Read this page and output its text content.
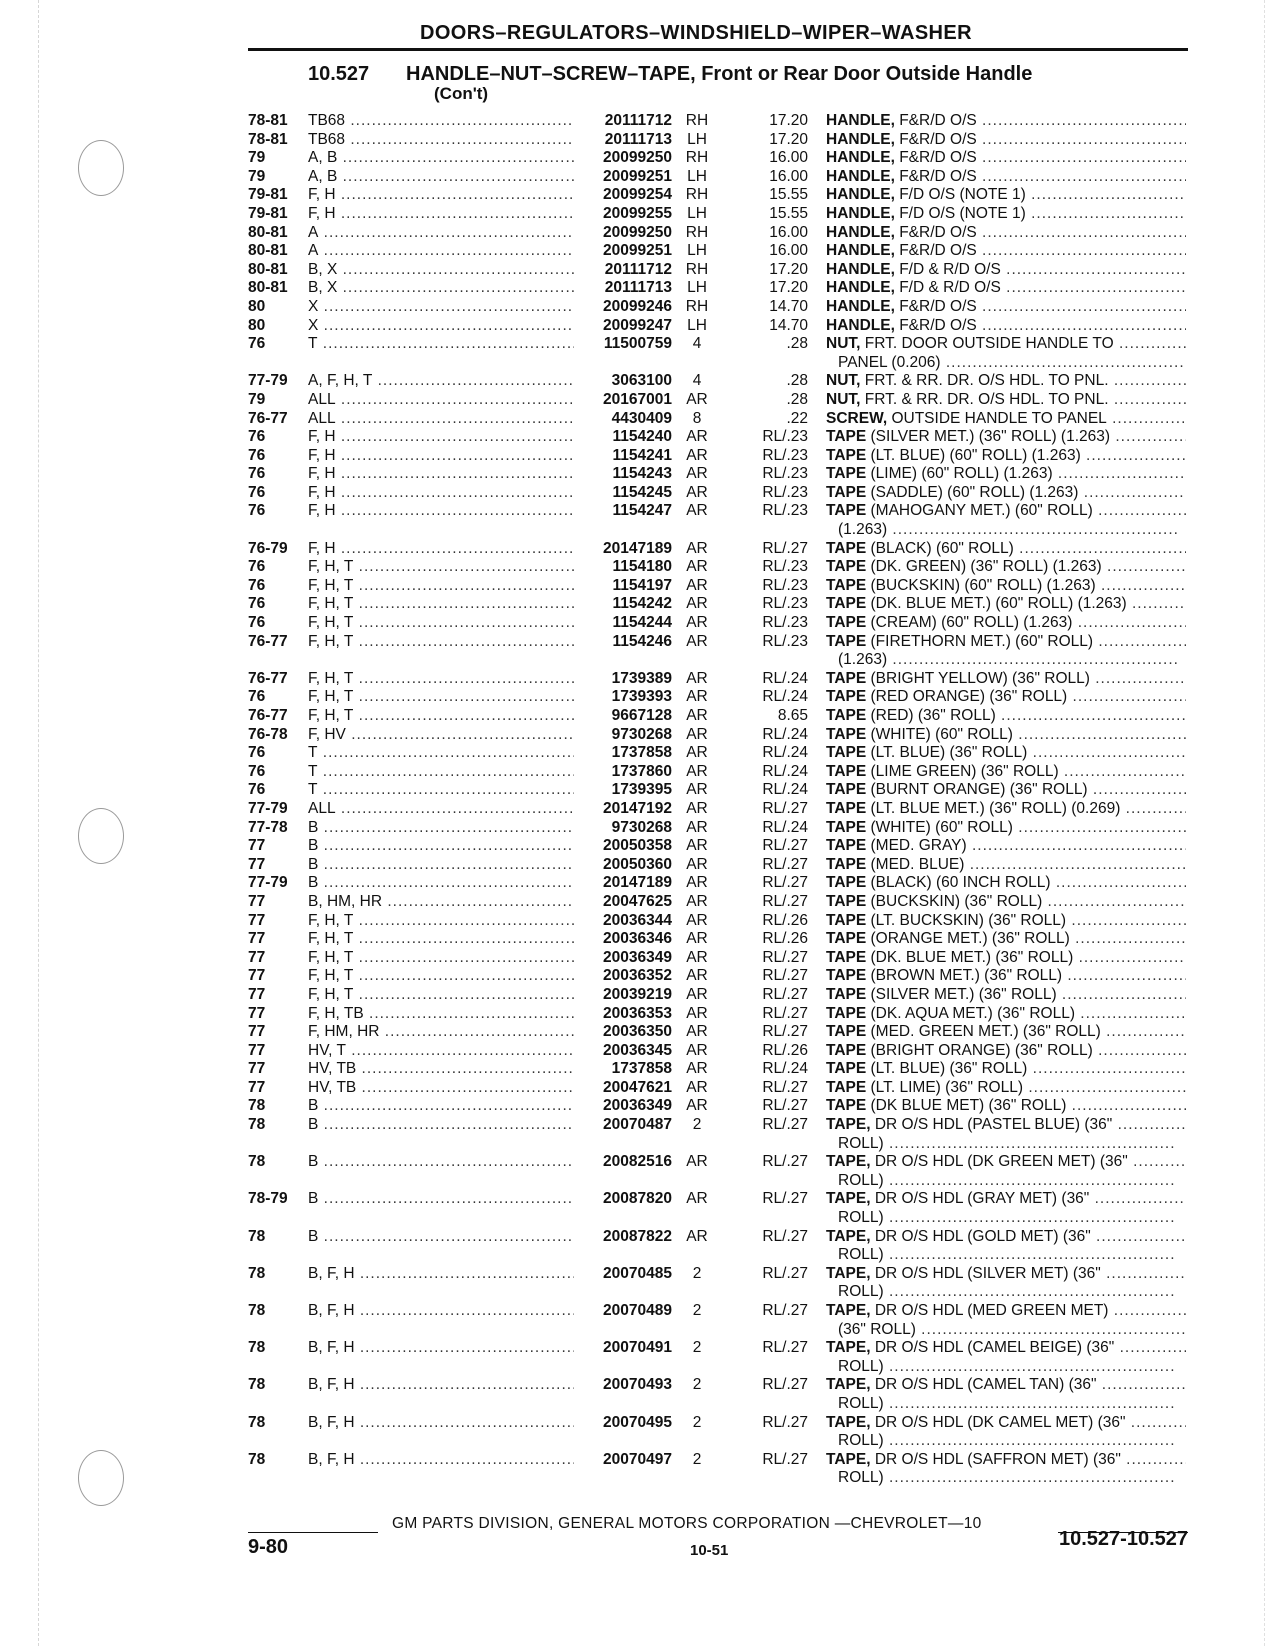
DOORS–REGULATORS–WINDSHIELD–WIPER–WASHER
10.527 HANDLE–NUT–SCREW–TAPE, Front or Rear Door Outside Handle
(Con't)
78-81 TB68 .....	20111712 RH	17.20 HANDLE, F&R/D O/S .....
78-81 TB68 .....	20111713 LH	17.20 HANDLE, F&R/D O/S .....
79	A, B .....	20099250 RH	16.00 HANDLE, F&R/D O/S .....
79	A, B .....	20099251 LH	16.00 HANDLE, F&R/D O/S .....
79-81 F, H .....	20099254 RH	15.55 HANDLE, F/D O/S (NOTE 1) .....
79-81 F, H .....	20099255 LH	15.55 HANDLE, F/D O/S (NOTE 1) .....
80-81 A .....	20099250 RH	16.00 HANDLE, F&R/D O/S .....
80-81 A .....	20099251 LH	16.00 HANDLE, F&R/D O/S .....
80-81 B, X .....	20111712 RH	17.20 HANDLE, F/D & R/D O/S .....
80-81 B, X .....	20111713 LH	17.20 HANDLE, F/D & R/D O/S .....
80	X .....	20099246 RH	14.70 HANDLE, F&R/D O/S .....
80	X .....	20099247 LH	14.70 HANDLE, F&R/D O/S .....
76	T .....	11500759	4	.28 NUT, FRT. DOOR OUTSIDE HANDLE TO .....
PANEL (0.206) .....
77-79 A, F, H, T .....	3063100	4	.28 NUT, FRT. & RR. DR. O/S HDL. TO PNL. .....
79	ALL .....	20167001 AR	.28 NUT, FRT. & RR. DR. O/S HDL. TO PNL. .....
76-77 ALL .....	4430409	8	.22 SCREW, OUTSIDE HANDLE TO PANEL .....
76	F, H .....	1154240 AR	RL/.23 TAPE (SILVER MET.) (36" ROLL) (1.263) .....
76	F, H .....	1154241 AR	RL/.23 TAPE (LT. BLUE) (60" ROLL) (1.263) .....
76	F, H .....	1154243 AR	RL/.23 TAPE (LIME) (60" ROLL) (1.263) .....
76	F, H .....	1154245 AR	RL/.23 TAPE (SADDLE) (60" ROLL) (1.263) .....
76	F, H .....	1154247 AR	RL/.23 TAPE (MAHOGANY MET.) (60" ROLL) .....
(1.263) .....
76-79 F, H .....	20147189 AR	RL/.27 TAPE (BLACK) (60" ROLL) .....
76	F, H, T .....	1154180 AR	RL/.23 TAPE (DK. GREEN) (36" ROLL) (1.263) .....
76	F, H, T .....	1154197 AR	RL/.23 TAPE (BUCKSKIN) (60" ROLL) (1.263) .....
76	F, H, T .....	1154242 AR	RL/.23 TAPE (DK. BLUE MET.) (60" ROLL) (1.263) .....
76	F, H, T .....	1154244 AR	RL/.23 TAPE (CREAM) (60" ROLL) (1.263) .....
76-77 F, H, T .....	1154246 AR	RL/.23 TAPE (FIRETHORN MET.) (60" ROLL) .....
(1.263) .....
76-77 F, H, T .....	1739389 AR	RL/.24 TAPE (BRIGHT YELLOW) (36" ROLL) .....
76	F, H, T .....	1739393 AR	RL/.24 TAPE (RED ORANGE) (36" ROLL) .....
76-77 F, H, T .....	9667128 AR	8.65 TAPE (RED) (36" ROLL) .....
76-78 F, HV .....	9730268 AR	RL/.24 TAPE (WHITE) (60" ROLL) .....
76	T .....	1737858 AR	RL/.24 TAPE (LT. BLUE) (36" ROLL) .....
76	T .....	1737860 AR	RL/.24 TAPE (LIME GREEN) (36" ROLL) .....
76	T .....	1739395 AR	RL/.24 TAPE (BURNT ORANGE) (36" ROLL) .....
77-79 ALL .....	20147192 AR	RL/.27 TAPE (LT. BLUE MET.) (36" ROLL) (0.269) .....
77-78 B .....	9730268 AR	RL/.24 TAPE (WHITE) (60" ROLL) .....
77	B .....	20050358 AR	RL/.27 TAPE (MED. GRAY) .....
77	B .....	20050360 AR	RL/.27 TAPE (MED. BLUE) .....
77-79 B .....	20147189 AR	RL/.27 TAPE (BLACK) (60 INCH ROLL) .....
77	B, HM, HR .....	20047625 AR	RL/.27 TAPE (BUCKSKIN) (36" ROLL) .....
77	F, H, T .....	20036344 AR	RL/.26 TAPE (LT. BUCKSKIN) (36" ROLL) .....
77	F, H, T .....	20036346 AR	RL/.26 TAPE (ORANGE MET.) (36" ROLL) .....
77	F, H, T .....	20036349 AR	RL/.27 TAPE (DK. BLUE MET.) (36" ROLL) .....
77	F, H, T .....	20036352 AR	RL/.27 TAPE (BROWN MET.) (36" ROLL) .....
77	F, H, T .....	20039219 AR	RL/.27 TAPE (SILVER MET.) (36" ROLL) .....
77	F, H, TB .....	20036353 AR	RL/.27 TAPE (DK. AQUA MET.) (36" ROLL) .....
77	F, HM, HR .....	20036350 AR	RL/.27 TAPE (MED. GREEN MET.) (36" ROLL) .....
77	HV, T .....	20036345 AR	RL/.26 TAPE (BRIGHT ORANGE) (36" ROLL) .....
77	HV, TB .....	1737858 AR	RL/.24 TAPE (LT. BLUE) (36" ROLL) .....
77	HV, TB .....	20047621 AR	RL/.27 TAPE (LT. LIME) (36" ROLL) .....
78	B .....	20036349 AR	RL/.27 TAPE (DK BLUE MET) (36" ROLL) .....
78	B .....	20070487	2	RL/.27 TAPE, DR O/S HDL (PASTEL BLUE) (36" .....
ROLL) .....
78	B .....	20082516 AR	RL/.27 TAPE, DR O/S HDL (DK GREEN MET) (36" .....
ROLL) .....
78-79 B .....	20087820 AR	RL/.27 TAPE, DR O/S HDL (GRAY MET) (36" .....
ROLL) .....
78	B .....	20087822 AR	RL/.27 TAPE, DR O/S HDL (GOLD MET) (36" .....
ROLL) .....
78	B, F, H .....	20070485	2	RL/.27 TAPE, DR O/S HDL (SILVER MET) (36" .....
ROLL) .....
78	B, F, H .....	20070489	2	RL/.27 TAPE, DR O/S HDL (MED GREEN MET) .....
(36" ROLL) .....
78	B, F, H .....	20070491	2	RL/.27 TAPE, DR O/S HDL (CAMEL BEIGE) (36" .....
ROLL) .....
78	B, F, H .....	20070493	2	RL/.27 TAPE, DR O/S HDL (CAMEL TAN) (36" .....
ROLL) .....
78	B, F, H .....	20070495	2	RL/.27 TAPE, DR O/S HDL (DK CAMEL MET) (36" .....
ROLL) .....
78	B, F, H .....	20070497	2	RL/.27 TAPE, DR O/S HDL (SAFFRON MET) (36" .....
ROLL) .....
GM PARTS DIVISION, GENERAL MOTORS CORPORATION —CHEVROLET—10
9-80	10-51
10.527-10.527
